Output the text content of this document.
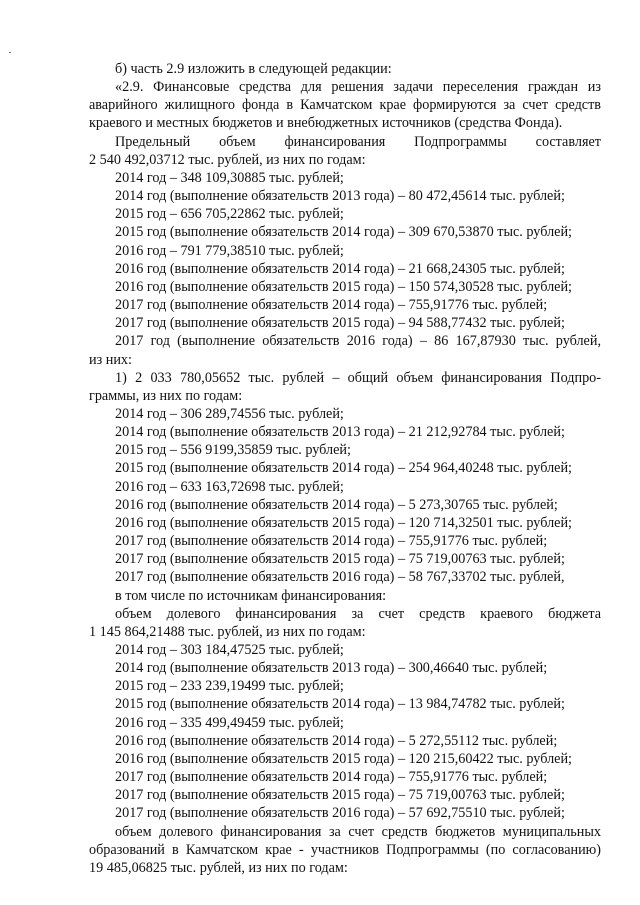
б) часть 2.9 изложить в следующей редакции:

«2.9. Финансовые средства для решения задачи переселения граждан из

аварийного жилищного фонда в Камчатском крае формируются за счет средств

краевого и местных бюджетов и внебюджетных источников (средства Фонда).

Предельный объем финансирования Подпрограммы составляет

2 540 492,03712 тыс. рублей, из них по годам:

2014 год – 348 109,30885 тыс. рублей;

2014 год (выполнение обязательств 2013 года) – 80 472,45614 тыс. рублей;

2015 год – 656 705,22862 тыс. рублей;

2015 год (выполнение обязательств 2014 года) – 309 670,53870 тыс. рублей;

2016 год – 791 779,38510 тыс. рублей;

2016 год (выполнение обязательств 2014 года) – 21 668,24305 тыс. рублей;

2016 год (выполнение обязательств 2015 года) – 150 574,30528 тыс. рублей;

2017 год (выполнение обязательств 2014 года) – 755,91776 тыс. рублей;

2017 год (выполнение обязательств 2015 года) – 94 588,77432 тыс. рублей;

2017 год (выполнение обязательств 2016 года) – 86 167,87930 тыс. рублей,

из них:

1) 2 033 780,05652 тыс. рублей – общий объем финансирования Подпро-

граммы, из них по годам:

2014 год – 306 289,74556 тыс. рублей;

2014 год (выполнение обязательств 2013 года) – 21 212,92784 тыс. рублей;

2015 год – 556 9199,35859 тыс. рублей;

2015 год (выполнение обязательств 2014 года) – 254 964,40248 тыс. рублей;

2016 год – 633 163,72698 тыс. рублей;

2016 год (выполнение обязательств 2014 года) – 5 273,30765 тыс. рублей;

2016 год (выполнение обязательств 2015 года) – 120 714,32501 тыс. рублей;

2017 год (выполнение обязательств 2014 года) – 755,91776 тыс. рублей;

2017 год (выполнение обязательств 2015 года) – 75 719,00763 тыс. рублей;

2017 год (выполнение обязательств 2016 года) – 58 767,33702 тыс. рублей,

в том числе по источникам финансирования:

объем долевого финансирования за счет средств краевого бюджета

1 145 864,21488 тыс. рублей, из них по годам:

2014 год – 303 184,47525 тыс. рублей;

2014 год (выполнение обязательств 2013 года) – 300,46640 тыс. рублей;

2015 год – 233 239,19499 тыс. рублей;

2015 год (выполнение обязательств 2014 года) – 13 984,74782 тыс. рублей;

2016 год – 335 499,49459 тыс. рублей;

2016 год (выполнение обязательств 2014 года) – 5 272,55112 тыс. рублей;

2016 год (выполнение обязательств 2015 года) – 120 215,60422 тыс. рублей;

2017 год (выполнение обязательств 2014 года) – 755,91776 тыс. рублей;

2017 год (выполнение обязательств 2015 года) – 75 719,00763 тыс. рублей;

2017 год (выполнение обязательств 2016 года) – 57 692,75510 тыс. рублей;

объем долевого финансирования за счет средств бюджетов муниципальных

образований в Камчатском крае - участников Подпрограммы (по согласованию)

19 485,06825 тыс. рублей, из них по годам:
